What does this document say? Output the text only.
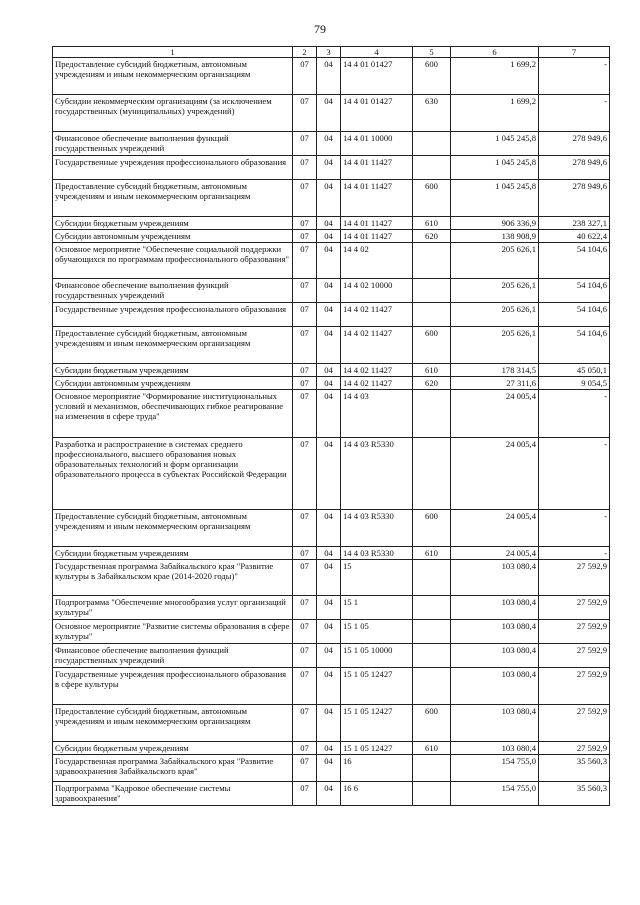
79
1	2	3	4	5	6	7
Предоставление субсидий бюджетным, автономным учреждениям и иным некоммерческим организациям	07	04	14 4 01 01427	600	1 699,2	-
Субсидии некоммерческим организациям (за исключением государственных (муниципальных) учреждений)	07	04	14 4 01 01427	630	1 699,2	-
Финансовое обеспечение выполнения функций государственных учреждений	07	04	14 4 01 10000		1 045 245,8	278 949,6
Государственные учреждения профессионального образования	07	04	14 4 01 11427		1 045 245,8	278 949,6
Предоставление субсидий бюджетным, автономным учреждениям и иным некоммерческим организациям	07	04	14 4 01 11427	600	1 045 245,8	278 949,6
Субсидии бюджетным учреждениям	07	04	14 4 01 11427	610	906 336,9	238 327,1
Субсидии автономным учреждениям	07	04	14 4 01 11427	620	138 908,9	40 622,4
Основное мероприятие "Обеспечение социальной поддержки обучающихся по программам профессионального образования"	07	04	14 4 02		205 626,1	54 104,6
Финансовое обеспечение выполнения функций государственных учреждений	07	04	14 4 02 10000		205 626,1	54 104,6
Государственные учреждения профессионального образования	07	04	14 4 02 11427		205 626,1	54 104,6
Предоставление субсидий бюджетным, автономным учреждениям и иным некоммерческим организациям	07	04	14 4 02 11427	600	205 626,1	54 104,6
Субсидии бюджетным учреждениям	07	04	14 4 02 11427	610	178 314,5	45 050,1
Субсидии автономным учреждениям	07	04	14 4 02 11427	620	27 311,6	9 054,5
Основное мероприятие "Формирование институциональных условий и механизмов, обеспечивающих гибкое реагирование на изменения в сфере труда"	07	04	14 4 03		24 005,4	-
Разработка и распространение в системах среднего профессионального, высшего образования новых образовательных технологий и форм организации образовательного процесса в субъектах Российской Федерации	07	04	14 4 03 R5330		24 005,4	-
Предоставление субсидий бюджетным, автономным учреждениям и иным некоммерческим организациям	07	04	14 4 03 R5330	600	24 005,4	-
Субсидии бюджетным учреждениям	07	04	14 4 03 R5330	610	24 005,4	-
Государственная программа Забайкальского края "Развитие культуры в Забайкальском крае (2014-2020 годы)"	07	04	15		103 080,4	27 592,9
Подпрограмма "Обеспечение многообразия услуг организаций культуры"	07	04	15 1		103 080,4	27 592,9
Основное мероприятие "Развитие системы образования в сфере культуры"	07	04	15 1 05		103 080,4	27 592,9
Финансовое обеспечение выполнения функций государственных учреждений	07	04	15 1 05 10000		103 080,4	27 592,9
Государственные учреждения профессионального образования в сфере культуры	07	04	15 1 05 12427		103 080,4	27 592,9
Предоставление субсидий бюджетным, автономным учреждениям и иным некоммерческим организациям	07	04	15 1 05 12427	600	103 080,4	27 592,9
Субсидии бюджетным учреждениям	07	04	15 1 05 12427	610	103 080,4	27 592,9
Государственная программа Забайкальского края "Развитие здравоохранения Забайкальского края"	07	04	16		154 755,0	35 560,3
Подпрограмма "Кадровое обеспечение системы здравоохранения"	07	04	16 6		154 755,0	35 560,3
